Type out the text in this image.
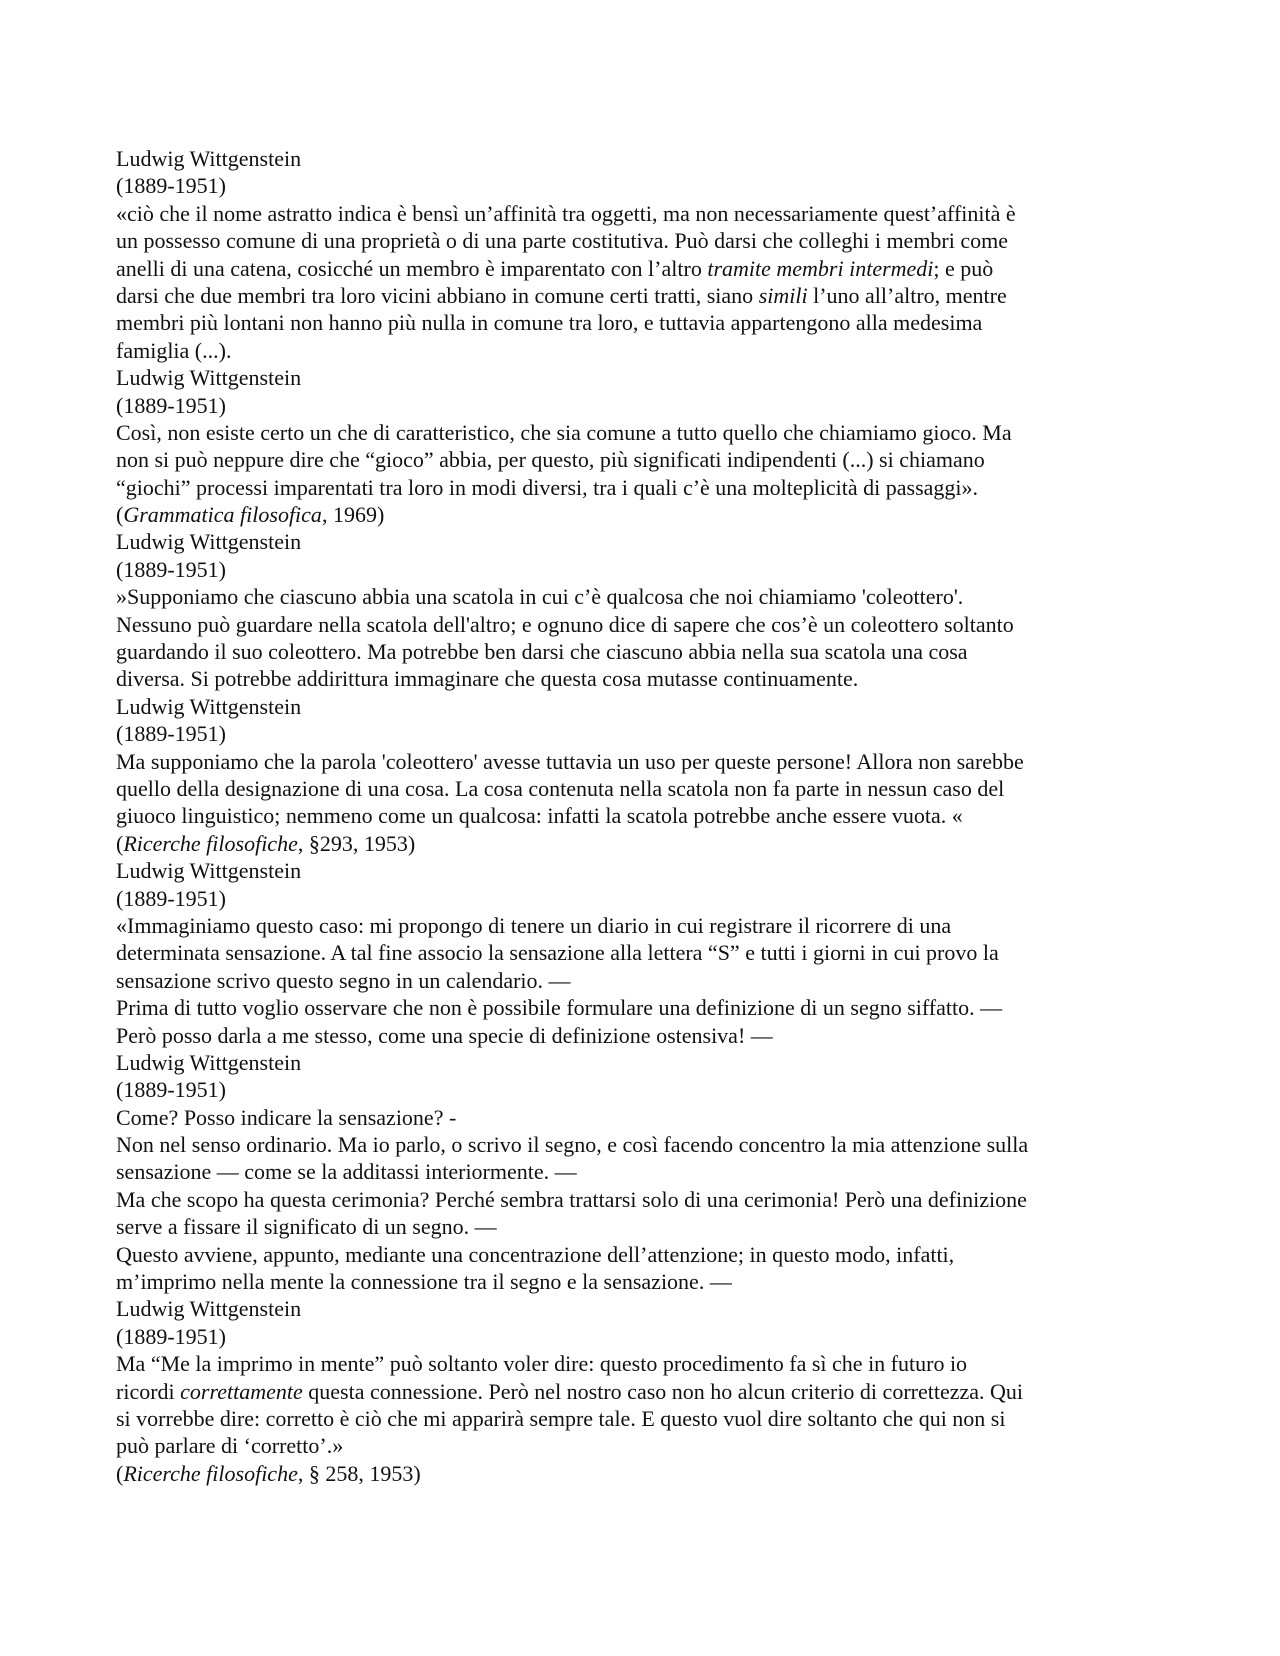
Ludwig Wittgenstein
(1889-1951)
«ciò che il nome astratto indica è bensì un’affinità tra oggetti, ma non necessariamente quest’affinità è
un possesso comune di una proprietà o di una parte costitutiva. Può darsi che colleghi i membri come
anelli di una catena, cosicché un membro è imparentato con l’altro tramite membri intermedi; e può
darsi che due membri tra loro vicini abbiano in comune certi tratti, siano simili l’uno all’altro, mentre
membri più lontani non hanno più nulla in comune tra loro, e tuttavia appartengono alla medesima
famiglia (...).
Ludwig Wittgenstein
(1889-1951)
Così, non esiste certo un che di caratteristico, che sia comune a tutto quello che chiamiamo gioco. Ma
non si può neppure dire che “gioco” abbia, per questo, più significati indipendenti (...) si chiamano
“giochi” processi imparentati tra loro in modi diversi, tra i quali c’è una molteplicità di passaggi».
(Grammatica filosofica, 1969)
Ludwig Wittgenstein
(1889-1951)
»Supponiamo che ciascuno abbia una scatola in cui c’è qualcosa che noi chiamiamo 'coleottero'.
Nessuno può guardare nella scatola dell'altro; e ognuno dice di sapere che cos’è un coleottero soltanto
guardando il suo coleottero. Ma potrebbe ben darsi che ciascuno abbia nella sua scatola una cosa
diversa. Si potrebbe addirittura immaginare che questa cosa mutasse continuamente.
Ludwig Wittgenstein
(1889-1951)
Ma supponiamo che la parola 'coleottero' avesse tuttavia un uso per queste persone! Allora non sarebbe
quello della designazione di una cosa. La cosa contenuta nella scatola non fa parte in nessun caso del
giuoco linguistico; nemmeno come un qualcosa: infatti la scatola potrebbe anche essere vuota. «
(Ricerche filosofiche, §293, 1953)
Ludwig Wittgenstein
(1889-1951)
«Immaginiamo questo caso: mi propongo di tenere un diario in cui registrare il ricorrere di una
determinata sensazione. A tal fine associo la sensazione alla lettera “S” e tutti i giorni in cui provo la
sensazione scrivo questo segno in un calendario. —
Prima di tutto voglio osservare che non è possibile formulare una definizione di un segno siffatto. —
Però posso darla a me stesso, come una specie di definizione ostensiva! —
Ludwig Wittgenstein
(1889-1951)
Come? Posso indicare la sensazione? -
Non nel senso ordinario. Ma io parlo, o scrivo il segno, e così facendo concentro la mia attenzione sulla
sensazione — come se la additassi interiormente. —
Ma che scopo ha questa cerimonia? Perché sembra trattarsi solo di una cerimonia! Però una definizione
serve a fissare il significato di un segno. —
Questo avviene, appunto, mediante una concentrazione dell’attenzione; in questo modo, infatti,
m’imprimo nella mente la connessione tra il segno e la sensazione. —
Ludwig Wittgenstein
(1889-1951)
Ma “Me la imprimo in mente” può soltanto voler dire: questo procedimento fa sì che in futuro io
ricordi correttamente questa connessione. Però nel nostro caso non ho alcun criterio di correttezza. Qui
si vorrebbe dire: corretto è ciò che mi apparirà sempre tale. E questo vuol dire soltanto che qui non si
può parlare di ‘corretto’.»
(Ricerche filosofiche, § 258, 1953)
